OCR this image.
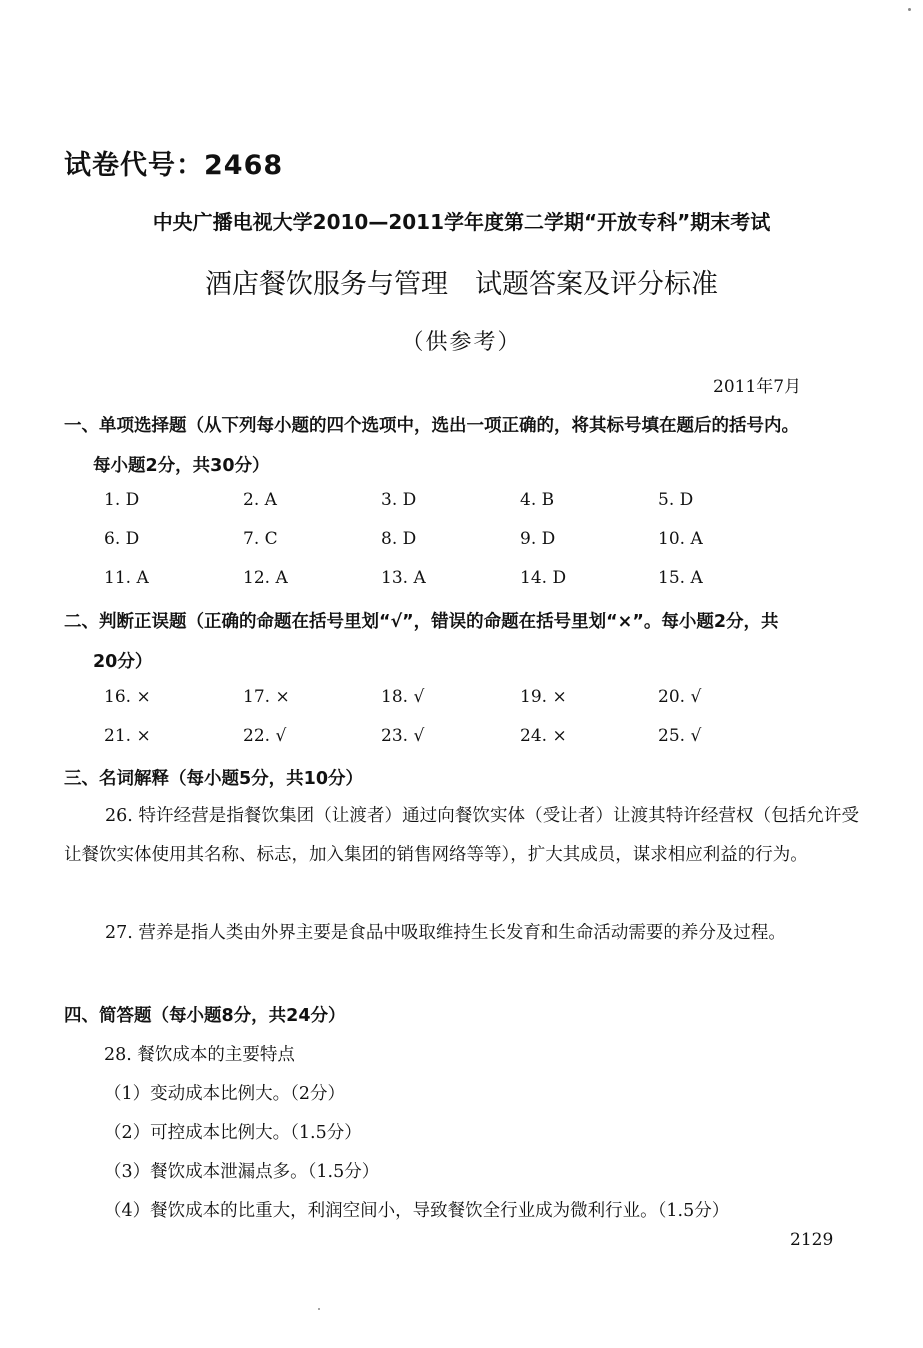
试卷代号：2468
中央广播电视大学2010—2011学年度第二学期“开放专科”期末考试
酒店餐饮服务与管理　试题答案及评分标准
（供参考）
2011年7月
一、单项选择题（从下列每小题的四个选项中，选出一项正确的，将其标号填在题后的括号内。
每小题2分，共30分）
1. D	2. A	3. D	4. B	5. D
6. D	7. C	8. D	9. D	10. A
11. A	12. A	13. A	14. D	15. A
二、判断正误题（正确的命题在括号里划“√”，错误的命题在括号里划“×”。每小题2分，共
20分）
16. ×	17. ×	18. √	19. ×	20. √
21. ×	22. √	23. √	24. ×	25. √
三、名词解释（每小题5分，共10分）
26. 特许经营是指餐饮集团（让渡者）通过向餐饮实体（受让者）让渡其特许经营权（包括允许受让餐饮实体使用其名称、标志，加入集团的销售网络等等），扩大其成员，谋求相应利益的行为。
27. 营养是指人类由外界主要是食品中吸取维持生长发育和生命活动需要的养分及过程。
四、简答题（每小题8分，共24分）
28. 餐饮成本的主要特点
（1）变动成本比例大。（2分）
（2）可控成本比例大。（1.5分）
（3）餐饮成本泄漏点多。（1.5分）
（4）餐饮成本的比重大，利润空间小，导致餐饮全行业成为微利行业。（1.5分）
2129
